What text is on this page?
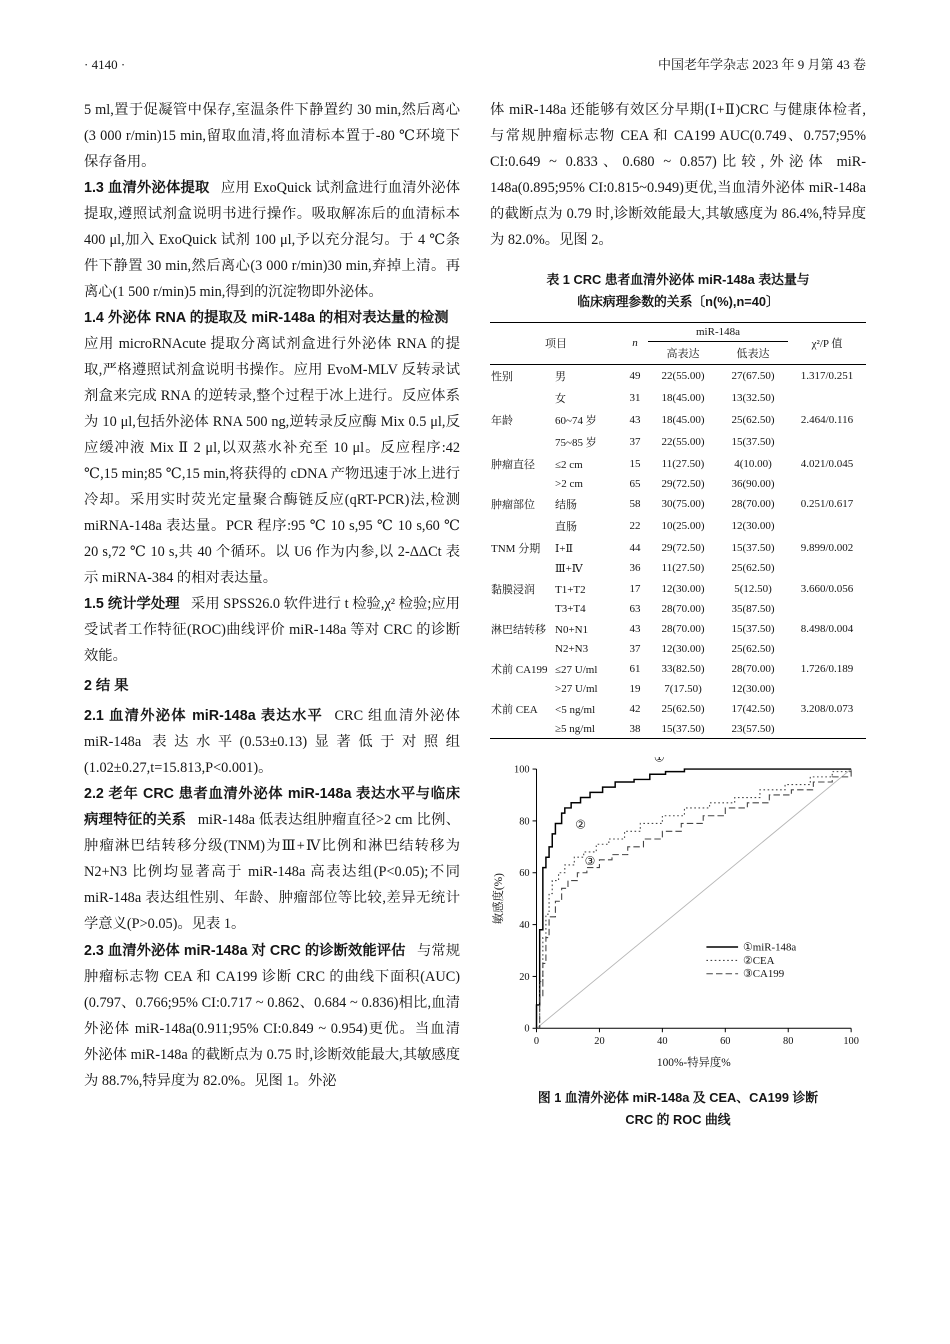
· 4140 ·	中国老年学杂志 2023 年 9 月第 43 卷

5 ml,置于促凝管中保存,室温条件下静置约 30 min,然后离心(3 000 r/min)15 min,留取血清,将血清标本置于-80 ℃环境下保存备用。

1.3 血清外泌体提取 应用 ExoQuick 试剂盒进行血清外泌体提取,遵照试剂盒说明书进行操作。吸取解冻后的血清标本 400 μl,加入 ExoQuick 试剂 100 μl,予以充分混匀。于 4 ℃条件下静置 30 min,然后离心(3 000 r/min)30 min,弃掉上清。再离心(1 500 r/min)5 min,得到的沉淀物即外泌体。

1.4 外泌体 RNA 的提取及 miR-148a 的相对表达量的检测应用 microRNAcute 提取分离试剂盒进行外泌体 RNA 的提取,严格遵照试剂盒说明书操作。应用 EvoM-MLV 反转录试剂盒来完成 RNA 的逆转录,整个过程于冰上进行。反应体系为 10 μl,包括外泌体 RNA 500 ng,逆转录反应酶 Mix 0.5 μl,反应缓冲液 Mix Ⅱ 2 μl,以双蒸水补充至 10 μl。反应程序:42 ℃,15 min;85 ℃,15 min,将获得的 cDNA 产物迅速于冰上进行冷却。采用实时荧光定量聚合酶链反应(qRT-PCR)法,检测 miRNA-148a 表达量。PCR 程序:95 ℃ 10 s,95 ℃ 10 s,60 ℃ 20 s,72 ℃ 10 s,共 40 个循环。以 U6 作为内参,以 2-ΔΔCt 表示 miRNA-384 的相对表达量。

1.5 统计学处理 采用 SPSS26.0 软件进行 t 检验,χ² 检验;应用受试者工作特征(ROC)曲线评价 miR-148a 等对 CRC 的诊断效能。

2 结 果

2.1 血清外泌体 miR-148a 表达水平 CRC 组血清外泌体 miR-148a 表达水平(0.53±0.13)显著低于对照组(1.02±0.27,t=15.813,P<0.001)。

2.2 老年 CRC 患者血清外泌体 miR-148a 表达水平与临床病理特征的关系 miR-148a 低表达组肿瘤直径>2 cm 比例、肿瘤淋巴结转移分级(TNM)为Ⅲ+Ⅳ比例和淋巴结转移为 N2+N3 比例均显著高于 miR-148a 高表达组(P<0.05);不同 miR-148a 表达组性别、年龄、肿瘤部位等比较,差异无统计学意义(P>0.05)。见表 1。

2.3 血清外泌体 miR-148a 对 CRC 的诊断效能评估 与常规肿瘤标志物 CEA 和 CA199 诊断 CRC 的曲线下面积(AUC)(0.797、0.766;95% CI:0.717 ~ 0.862、0.684 ~ 0.836)相比,血清外泌体 miR-148a(0.911;95% CI:0.849 ~ 0.954)更优。当血清外泌体 miR-148a 的截断点为 0.75 时,诊断效能最大,其敏感度为 88.7%,特异度为 82.0%。见图 1。外泌

体 miR-148a 还能够有效区分早期(Ⅰ+Ⅱ)CRC 与健康体检者,与常规肿瘤标志物 CEA 和 CA199 AUC(0.749、0.757;95% CI:0.649 ~ 0.833、0.680 ~ 0.857)比较,外泌体 miR-148a(0.895;95% CI:0.815~0.949)更优,当血清外泌体 miR-148a 的截断点为 0.79 时,诊断效能最大,其敏感度为 86.4%,特异度为 82.0%。见图 2。

表 1 CRC 患者血清外泌体 miR-148a 表达量与
临床病理参数的关系〔n(%),n=40〕
项目	n	miR-148a		χ²/P 值
		高表达	低表达	
性别 男	49	22(55.00)	27(67.50)	1.317/0.251
女	31	18(45.00)	13(32.50)	
年龄 60~74 岁	43	18(45.00)	25(62.50)	2.464/0.116
75~85 岁	37	22(55.00)	15(37.50)	
肿瘤直径 ≤2 cm	15	11(27.50)	4(10.00)	4.021/0.045
>2 cm	65	29(72.50)	36(90.00)	
肿瘤部位 结肠	58	30(75.00)	28(70.00)	0.251/0.617
直肠	22	10(25.00)	12(30.00)	
TNM 分期 Ⅰ+Ⅱ	44	29(72.50)	15(37.50)	9.899/0.002
Ⅲ+Ⅳ	36	11(27.50)	25(62.50)	
黏膜浸润 T1+T2	17	12(30.00)	5(12.50)	3.660/0.056
T3+T4	63	28(70.00)	35(87.50)	
淋巴结转移 N0+N1	43	28(70.00)	15(37.50)	8.498/0.004
N2+N3	37	12(30.00)	25(62.50)	
术前 CA199 ≤27 U/ml	61	33(82.50)	28(70.00)	1.726/0.189
>27 U/ml	19	7(17.50)	12(30.00)	
术前 CEA <5 ng/ml	42	25(62.50)	17(42.50)	3.208/0.073
≥5 ng/ml	38	15(37.50)	23(57.50)	
0	20	40	60	80	100
0
20
40
60
80
100
100%-特异度%
敏感度(%)
①
②
③
①miR-148a
②CEA
③CA199
图 1 血清外泌体 miR-148a 及 CEA、CA199 诊断
CRC 的 ROC 曲线
